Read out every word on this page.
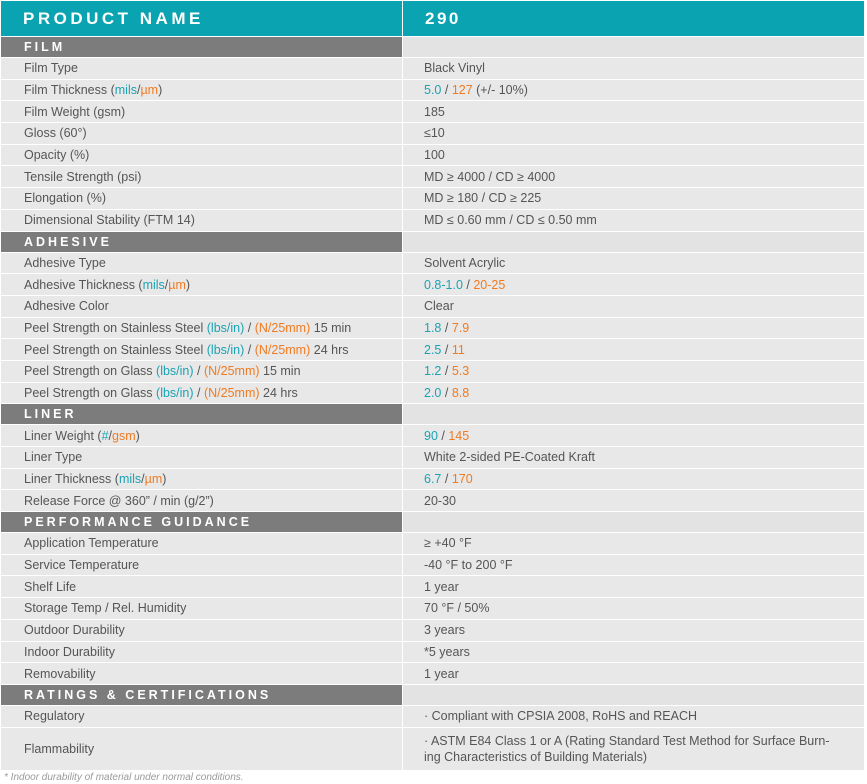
PRODUCT NAME	290
FILM	
Film Type	Black Vinyl
Film Thickness (mils/µm)	5.0 / 127 (+/- 10%)
Film Weight (gsm)	185
Gloss (60°)	≤10
Opacity (%)	100
Tensile Strength (psi)	MD ≥ 4000 / CD ≥ 4000
Elongation (%)	MD ≥ 180 / CD ≥ 225
Dimensional Stability (FTM 14)	MD ≤ 0.60 mm / CD ≤ 0.50 mm
ADHESIVE	
Adhesive Type	Solvent Acrylic
Adhesive Thickness (mils/µm)	0.8-1.0 / 20-25
Adhesive Color	Clear
Peel Strength on Stainless Steel (lbs/in) / (N/25mm) 15 min	1.8 / 7.9
Peel Strength on Stainless Steel (lbs/in) / (N/25mm) 24 hrs	2.5 / 11
Peel Strength on Glass (lbs/in) / (N/25mm) 15 min	1.2 / 5.3
Peel Strength on Glass (lbs/in) / (N/25mm) 24 hrs	2.0 / 8.8
LINER	
Liner Weight (#/gsm)	90 / 145
Liner Type	White 2-sided PE-Coated Kraft
Liner Thickness (mils/µm)	6.7 / 170
Release Force @ 360” / min (g/2”)	20-30
PERFORMANCE GUIDANCE	
Application Temperature	≥ +40 °F
Service Temperature	-40 °F to 200 °F
Shelf Life	1 year
Storage Temp / Rel. Humidity	70 °F / 50%
Outdoor Durability	3 years
Indoor Durability	*5 years
Removability	1 year
RATINGS & CERTIFICATIONS	
Regulatory	· Compliant with CPSIA 2008, RoHS and REACH
Flammability	· ASTM E84 Class 1 or A (Rating Standard Test Method for Surface Burn-
ing Characteristics of Building Materials)
* Indoor durability of material under normal conditions.
